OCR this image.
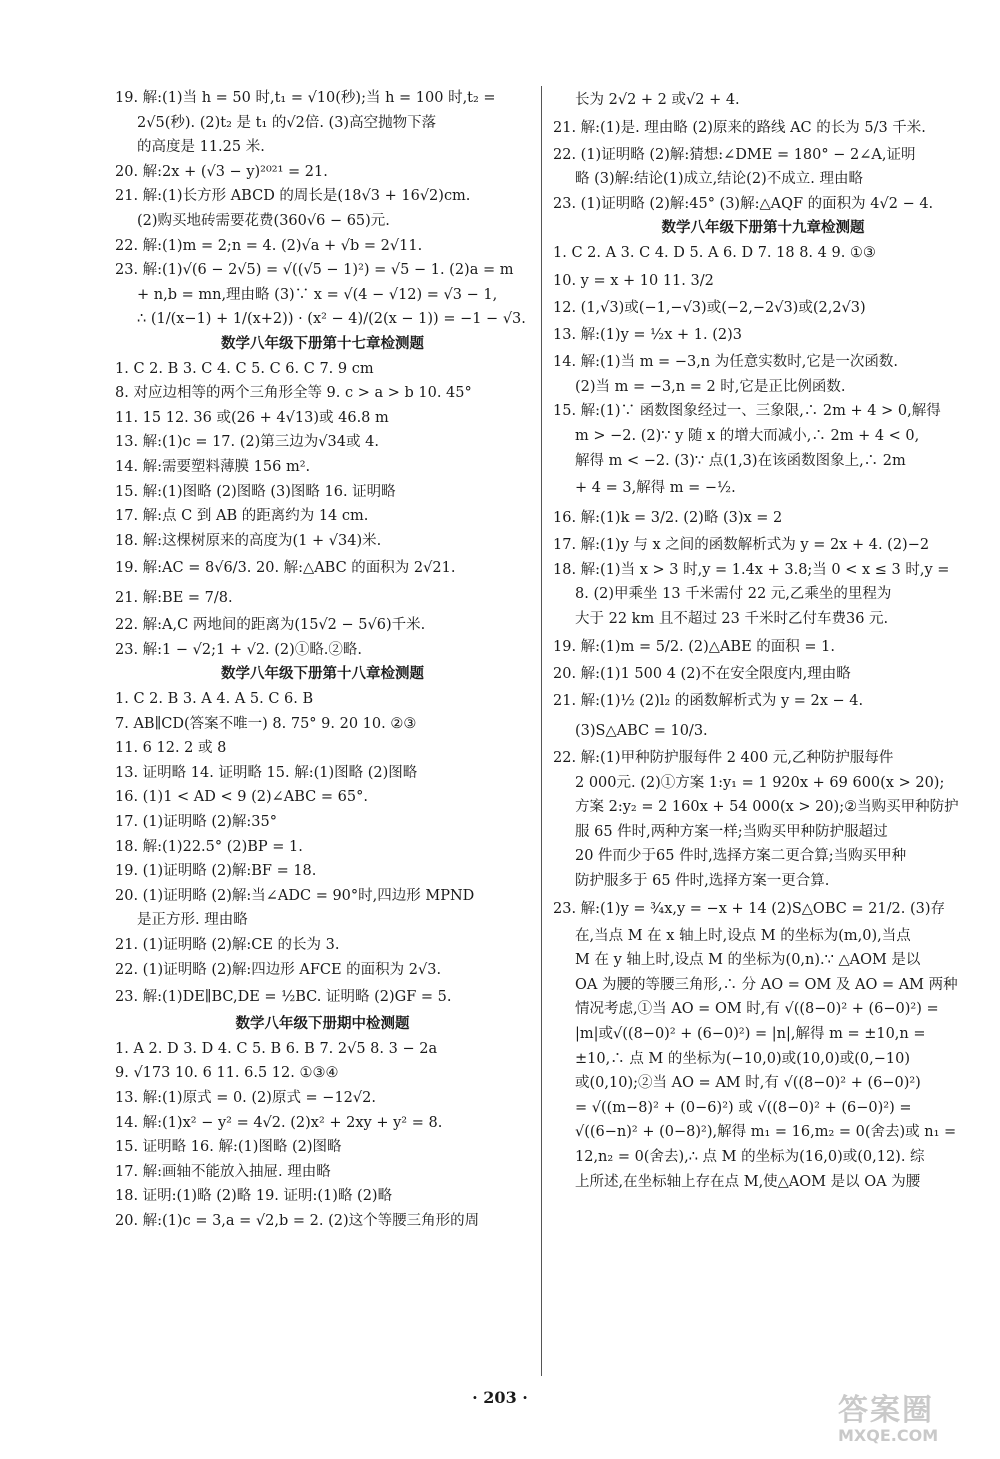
19. 解:(1)当 h = 50 时,t₁ = √10(秒);当 h = 100 时,t₂ =
2√5(秒). (2)t₂ 是 t₁ 的√2倍. (3)高空抛物下落
的高度是 11.25 米.
20. 解:2x + (√3 − y)²⁰²¹ = 21.
21. 解:(1)长方形 ABCD 的周长是(18√3 + 16√2)cm.
(2)购买地砖需要花费(360√6 − 65)元.
22. 解:(1)m = 2;n = 4. (2)√a + √b = 2√11.
23. 解:(1)√(6 − 2√5) = √((√5 − 1)²) = √5 − 1. (2)a = m
+ n,b = mn,理由略 (3)∵ x = √(4 − √12) = √3 − 1,
∴ (1/(x−1) + 1/(x+2)) · (x² − 4)/(2(x − 1)) = −1 − √3.
数学八年级下册第十七章检测题
1. C 2. B 3. C 4. C 5. C 6. C 7. 9 cm
8. 对应边相等的两个三角形全等 9. c > a > b 10. 45°
11. 15 12. 36 或(26 + 4√13)或 46.8 m
13. 解:(1)c = 17. (2)第三边为√34或 4.
14. 解:需要塑料薄膜 156 m².
15. 解:(1)图略 (2)图略 (3)图略 16. 证明略
17. 解:点 C 到 AB 的距离约为 14 cm.
18. 解:这棵树原来的高度为(1 + √34)米.
19. 解:AC = 8√6/3. 20. 解:△ABC 的面积为 2√21.
21. 解:BE = 7/8.
22. 解:A,C 两地间的距离为(15√2 − 5√6)千米.
23. 解:1 − √2;1 + √2. (2)①略.②略.
数学八年级下册第十八章检测题
1. C 2. B 3. A 4. A 5. C 6. B
7. AB∥CD(答案不唯一) 8. 75° 9. 20 10. ②③
11. 6 12. 2 或 8
13. 证明略 14. 证明略 15. 解:(1)图略 (2)图略
16. (1)1 < AD < 9 (2)∠ABC = 65°.
17. (1)证明略 (2)解:35°
18. 解:(1)22.5° (2)BP = 1.
19. (1)证明略 (2)解:BF = 18.
20. (1)证明略 (2)解:当∠ADC = 90°时,四边形 MPND
是正方形. 理由略
21. (1)证明略 (2)解:CE 的长为 3.
22. (1)证明略 (2)解:四边形 AFCE 的面积为 2√3.
23. 解:(1)DE∥BC,DE = ½BC. 证明略 (2)GF = 5.
数学八年级下册期中检测题
1. A 2. D 3. D 4. C 5. B 6. B 7. 2√5 8. 3 − 2a
9. √173 10. 6 11. 6.5 12. ①③④
13. 解:(1)原式 = 0. (2)原式 = −12√2.
14. 解:(1)x² − y² = 4√2. (2)x² + 2xy + y² = 8.
15. 证明略 16. 解:(1)图略 (2)图略
17. 解:画轴不能放入抽屉. 理由略
18. 证明:(1)略 (2)略 19. 证明:(1)略 (2)略
20. 解:(1)c = 3,a = √2,b = 2. (2)这个等腰三角形的周
长为 2√2 + 2 或√2 + 4.
21. 解:(1)是. 理由略 (2)原来的路线 AC 的长为 5/3 千米.
22. (1)证明略 (2)解:猜想:∠DME = 180° − 2∠A,证明
略 (3)解:结论(1)成立,结论(2)不成立. 理由略
23. (1)证明略 (2)解:45° (3)解:△AQF 的面积为 4√2 − 4.
数学八年级下册第十九章检测题
1. C 2. A 3. C 4. D 5. A 6. D 7. 18 8. 4 9. ①③
10. y = x + 10 11. 3/2
12. (1,√3)或(−1,−√3)或(−2,−2√3)或(2,2√3)
13. 解:(1)y = ½x + 1. (2)3
14. 解:(1)当 m = −3,n 为任意实数时,它是一次函数.
(2)当 m = −3,n = 2 时,它是正比例函数.
15. 解:(1)∵ 函数图象经过一、三象限,∴ 2m + 4 > 0,解得
m > −2. (2)∵ y 随 x 的增大而减小,∴ 2m + 4 < 0,
解得 m < −2. (3)∵ 点(1,3)在该函数图象上,∴ 2m
+ 4 = 3,解得 m = −½.
16. 解:(1)k = 3/2. (2)略 (3)x = 2
17. 解:(1)y 与 x 之间的函数解析式为 y = 2x + 4. (2)−2
18. 解:(1)当 x > 3 时,y = 1.4x + 3.8;当 0 < x ≤ 3 时,y =
8. (2)甲乘坐 13 千米需付 22 元,乙乘坐的里程为
大于 22 km 且不超过 23 千米时乙付车费36 元.
19. 解:(1)m = 5/2. (2)△ABE 的面积 = 1.
20. 解:(1)1 500 4 (2)不在安全限度内,理由略
21. 解:(1)½ (2)l₂ 的函数解析式为 y = 2x − 4.
(3)S△ABC = 10/3.
22. 解:(1)甲种防护服每件 2 400 元,乙种防护服每件
2 000元. (2)①方案 1:y₁ = 1 920x + 69 600(x > 20);
方案 2:y₂ = 2 160x + 54 000(x > 20);②当购买甲种防护
服 65 件时,两种方案一样;当购买甲种防护服超过
20 件而少于65 件时,选择方案二更合算;当购买甲种
防护服多于 65 件时,选择方案一更合算.
23. 解:(1)y = ¾x,y = −x + 14 (2)S△OBC = 21/2. (3)存
在,当点 M 在 x 轴上时,设点 M 的坐标为(m,0),当点
M 在 y 轴上时,设点 M 的坐标为(0,n).∵ △AOM 是以
OA 为腰的等腰三角形,∴ 分 AO = OM 及 AO = AM 两种
情况考虑,①当 AO = OM 时,有 √((8−0)² + (6−0)²) =
|m|或√((8−0)² + (6−0)²) = |n|,解得 m = ±10,n =
±10,∴ 点 M 的坐标为(−10,0)或(10,0)或(0,−10)
或(0,10);②当 AO = AM 时,有 √((8−0)² + (6−0)²)
= √((m−8)² + (0−6)²) 或 √((8−0)² + (6−0)²) =
√((6−n)² + (0−8)²),解得 m₁ = 16,m₂ = 0(舍去)或 n₁ =
12,n₂ = 0(舍去),∴ 点 M 的坐标为(16,0)或(0,12). 综
上所述,在坐标轴上存在点 M,使△AOM 是以 OA 为腰
· 203 ·	答案圈
MXQE.COM
